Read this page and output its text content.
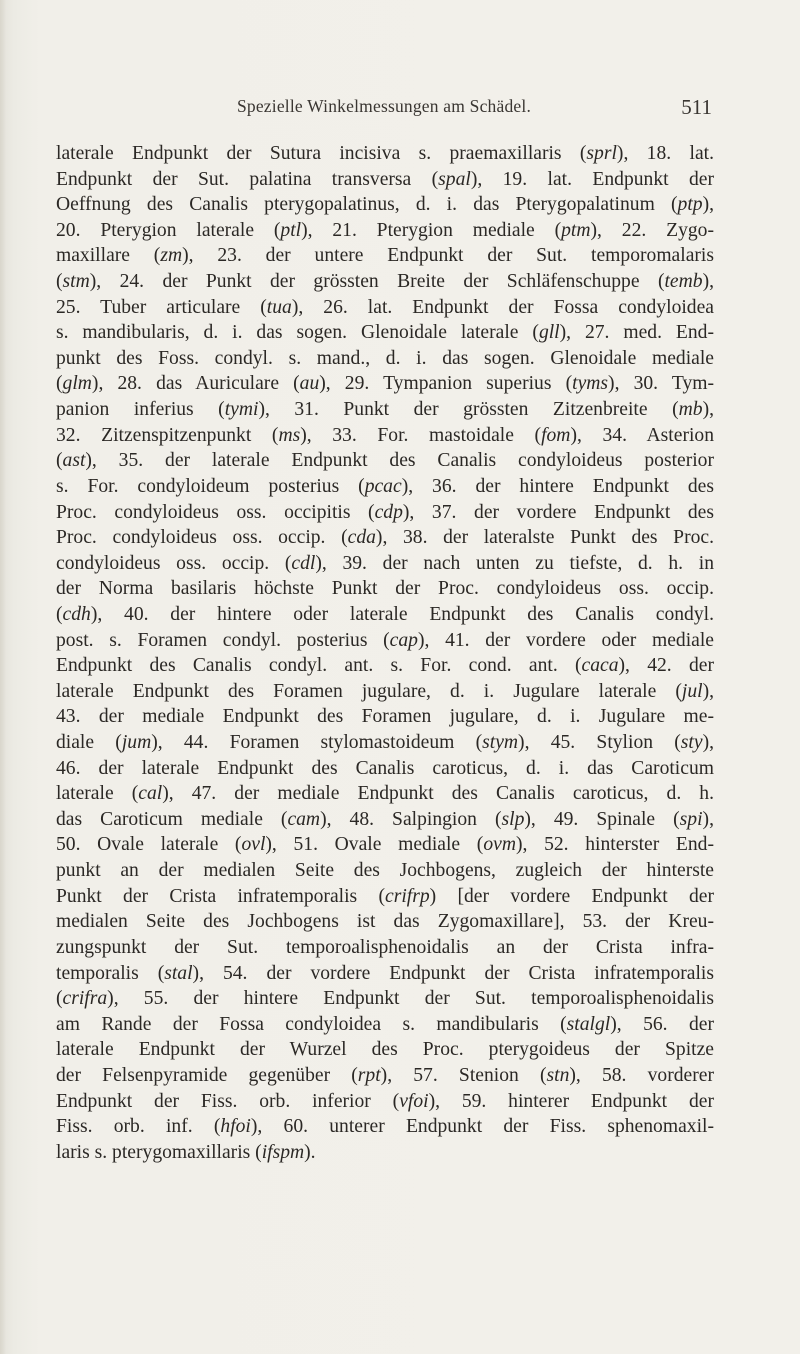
Spezielle Winkelmessungen am Schädel.	511
laterale Endpunkt der Sutura incisiva s. praemaxillaris (sprl), 18. lat.
Endpunkt der Sut. palatina transversa (spal), 19. lat. Endpunkt der
Oeffnung des Canalis pterygopalatinus, d. i. das Pterygopalatinum (ptp),
20. Pterygion laterale (ptl), 21. Pterygion mediale (ptm), 22. Zygo-
maxillare (zm), 23. der untere Endpunkt der Sut. temporomalaris
(stm), 24. der Punkt der grössten Breite der Schläfenschuppe (temb),
25. Tuber articulare (tua), 26. lat. Endpunkt der Fossa condyloidea
s. mandibularis, d. i. das sogen. Glenoidale laterale (gll), 27. med. End-
punkt des Foss. condyl. s. mand., d. i. das sogen. Glenoidale mediale
(glm), 28. das Auriculare (au), 29. Tympanion superius (tyms), 30. Tym-
panion inferius (tymi), 31. Punkt der grössten Zitzenbreite (mb),
32. Zitzenspitzenpunkt (ms), 33. For. mastoidale (fom), 34. Asterion
(ast), 35. der laterale Endpunkt des Canalis condyloideus posterior
s. For. condyloideum posterius (pcac), 36. der hintere Endpunkt des
Proc. condyloideus oss. occipitis (cdp), 37. der vordere Endpunkt des
Proc. condyloideus oss. occip. (cda), 38. der lateralste Punkt des Proc.
condyloideus oss. occip. (cdl), 39. der nach unten zu tiefste, d. h. in
der Norma basilaris höchste Punkt der Proc. condyloideus oss. occip.
(cdh), 40. der hintere oder laterale Endpunkt des Canalis condyl.
post. s. Foramen condyl. posterius (cap), 41. der vordere oder mediale
Endpunkt des Canalis condyl. ant. s. For. cond. ant. (caca), 42. der
laterale Endpunkt des Foramen jugulare, d. i. Jugulare laterale (jul),
43. der mediale Endpunkt des Foramen jugulare, d. i. Jugulare me-
diale (jum), 44. Foramen stylomastoideum (stym), 45. Stylion (sty),
46. der laterale Endpunkt des Canalis caroticus, d. i. das Caroticum
laterale (cal), 47. der mediale Endpunkt des Canalis caroticus, d. h.
das Caroticum mediale (cam), 48. Salpingion (slp), 49. Spinale (spi),
50. Ovale laterale (ovl), 51. Ovale mediale (ovm), 52. hinterster End-
punkt an der medialen Seite des Jochbogens, zugleich der hinterste
Punkt der Crista infratemporalis (crifrp) [der vordere Endpunkt der
medialen Seite des Jochbogens ist das Zygomaxillare], 53. der Kreu-
zungspunkt der Sut. temporoalisphenoidalis an der Crista infra-
temporalis (stal), 54. der vordere Endpunkt der Crista infratemporalis
(crifra), 55. der hintere Endpunkt der Sut. temporoalisphenoidalis
am Rande der Fossa condyloidea s. mandibularis (stalgl), 56. der
laterale Endpunkt der Wurzel des Proc. pterygoideus der Spitze
der Felsenpyramide gegenüber (rpt), 57. Stenion (stn), 58. vorderer
Endpunkt der Fiss. orb. inferior (vfoi), 59. hinterer Endpunkt der
Fiss. orb. inf. (hfoi), 60. unterer Endpunkt der Fiss. sphenomaxil-
laris s. pterygomaxillaris (ifspm).
